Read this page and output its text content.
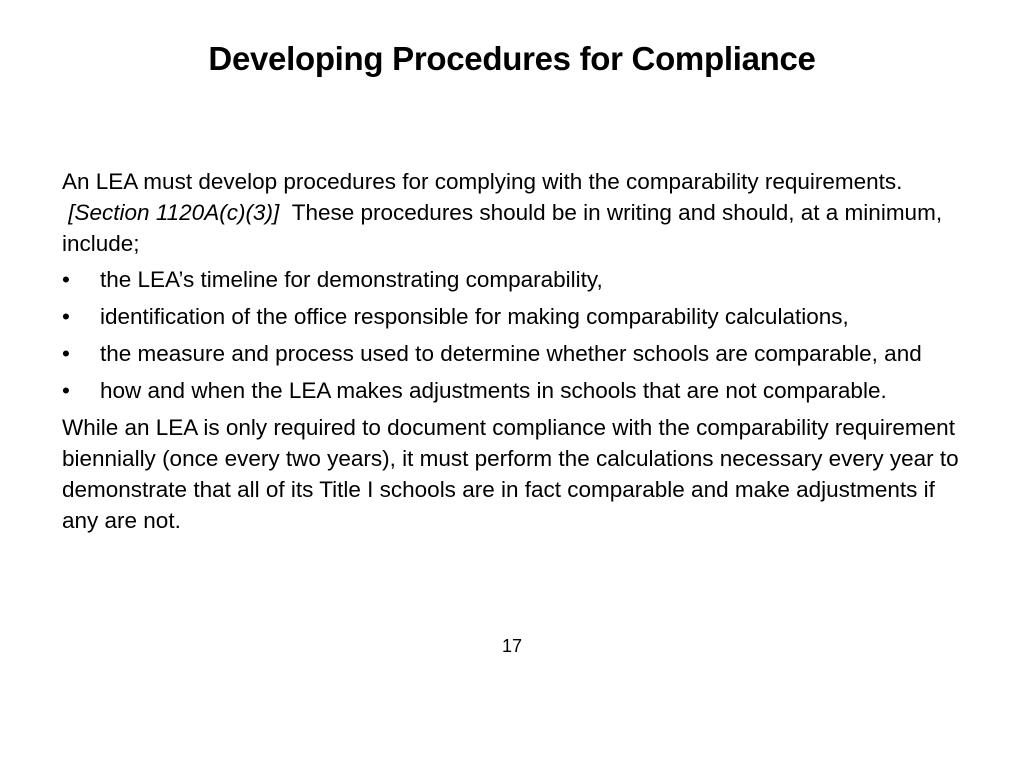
Developing Procedures for Compliance

An LEA must develop procedures for complying with the comparability requirements.  [Section 1120A(c)(3)] These procedures should be in writing and should, at a minimum, include;

• the LEA’s timeline for demonstrating comparability,
• identification of the office responsible for making comparability calculations,
• the measure and process used to determine whether schools are comparable, and
• how and when the LEA makes adjustments in schools that are not comparable.

While an LEA is only required to document compliance with the comparability requirement biennially (once every two years), it must perform the calculations necessary every year to demonstrate that all of its Title I schools are in fact comparable and make adjustments if any are not.

17
